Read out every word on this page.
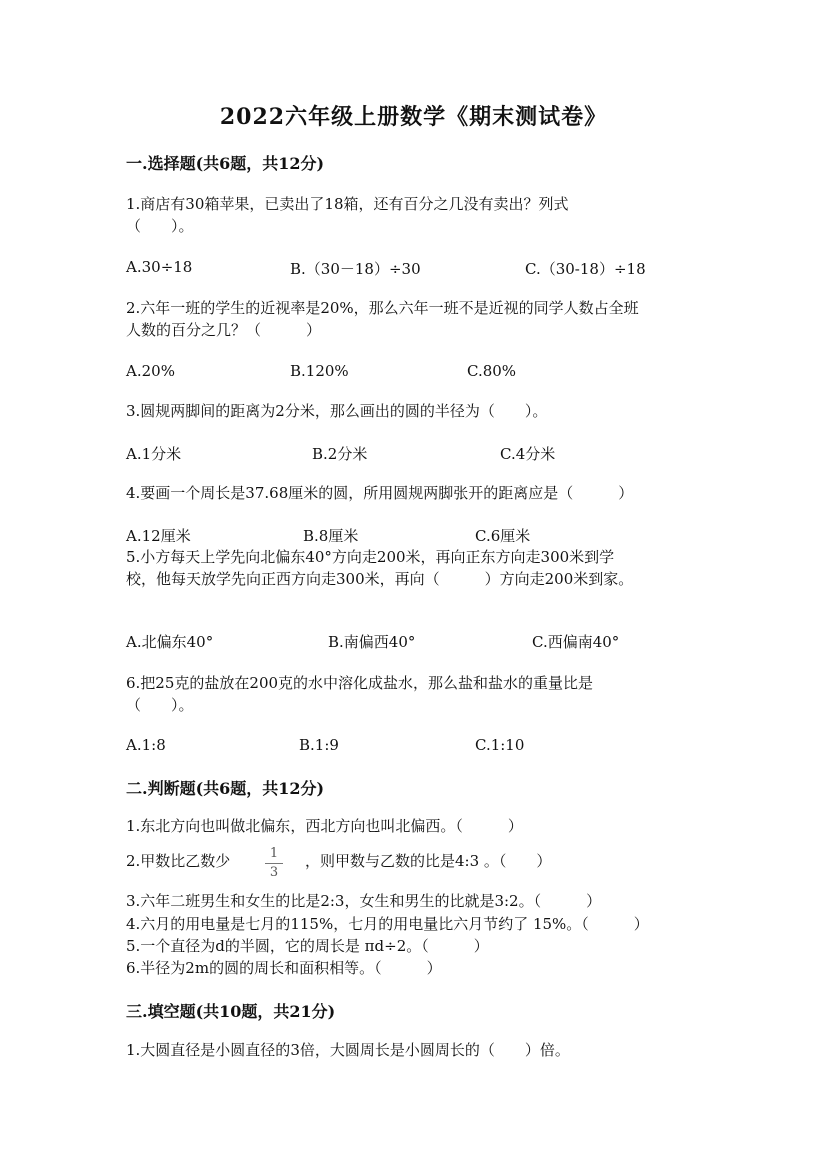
2022六年级上册数学《期末测试卷》
一.选择题(共6题，共12分)
1.商店有30箱苹果，已卖出了18箱，还有百分之几没有卖出？列式
（　　）。
A.30÷18	B.（30－18）÷30	C.（30-18）÷18
2.六年一班的学生的近视率是20%，那么六年一班不是近视的同学人数占全班
人数的百分之几？（　　　）
A.20%	B.120%	C.80%
3.圆规两脚间的距离为2分米，那么画出的圆的半径为（　　）。
A.1分米	B.2分米	C.4分米
4.要画一个周长是37.68厘米的圆，所用圆规两脚张开的距离应是（　　　）
A.12厘米	B.8厘米	C.6厘米
5.小方每天上学先向北偏东40°方向走200米，再向正东方向走300米到学
校，他每天放学先向正西方向走300米，再向（　　　）方向走200米到家。
A.北偏东40°	B.南偏西40°	C.西偏南40°
6.把25克的盐放在200克的水中溶化成盐水，那么盐和盐水的重量比是
（　　）。
A.1:8	B.1:9	C.1:10
二.判断题(共6题，共12分)
1.东北方向也叫做北偏东，西北方向也叫北偏西。（　　　）
2.甲数比乙数少	1
3
，则甲数与乙数的比是4:3 。（　　）
3.六年二班男生和女生的比是2:3，女生和男生的比就是3:2。（　　　）
4.六月的用电量是七月的115%，七月的用电量比六月节约了 15%。（　　　）
5.一个直径为d的半圆，它的周长是 πd÷2。（　　　）
6.半径为2m的圆的周长和面积相等。（　　　）
三.填空题(共10题，共21分)
1.大圆直径是小圆直径的3倍，大圆周长是小圆周长的（　　）倍。
